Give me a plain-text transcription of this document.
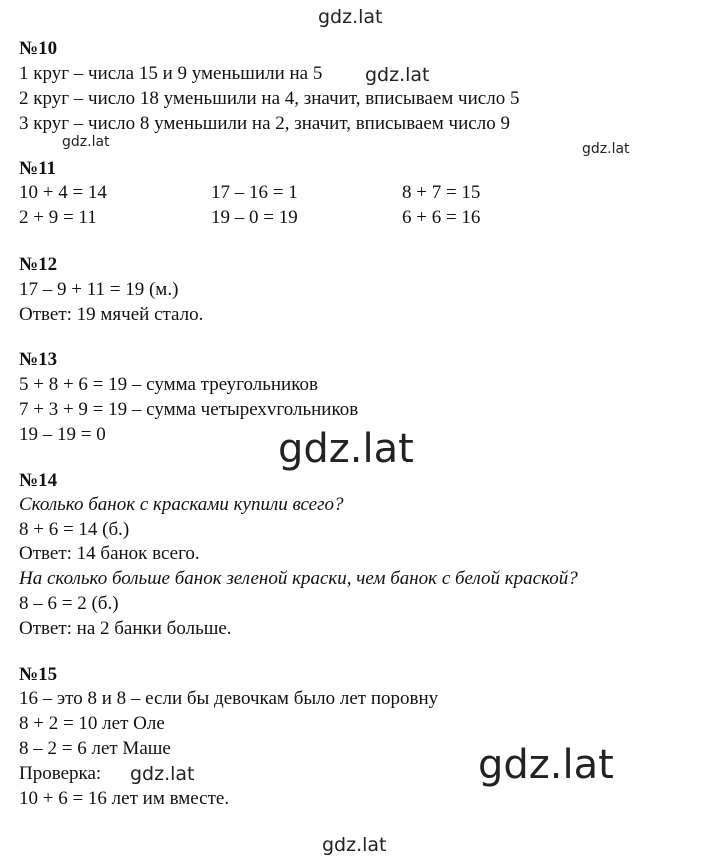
gdz.lat
gdz.lat
gdz.lat	gdz.lat
gdz.lat
gdz.lat
gdz.lat
gdz.lat
№10
1 круг – числа 15 и 9 уменьшили на 5
2 круг – число 18 уменьшили на 4, значит, вписываем число 5
3 круг – число 8 уменьшили на 2, значит, вписываем число 9
№11
10 + 4 = 14	17 – 16 = 1	8 + 7 = 15
2 + 9 = 11	19 – 0 = 19	6 + 6 = 16
№12
17 – 9 + 11 = 19 (м.)
Ответ: 19 мячей стало.
№13
5 + 8 + 6 = 19 – сумма треугольников
7 + 3 + 9 = 19 – сумма четырехvгольников
19 – 19 = 0
№14
Сколько банок с красками купили всего?
8 + 6 = 14 (б.)
Ответ: 14 банок всего.
На сколько больше банок зеленой краски, чем банок с белой краской?
8 – 6 = 2 (б.)
Ответ: на 2 банки больше.
№15
16 – это 8 и 8 – если бы девочкам было лет поровну
8 + 2 = 10 лет Оле
8 – 2 = 6 лет Маше
Проверка:
10 + 6 = 16 лет им вместе.
